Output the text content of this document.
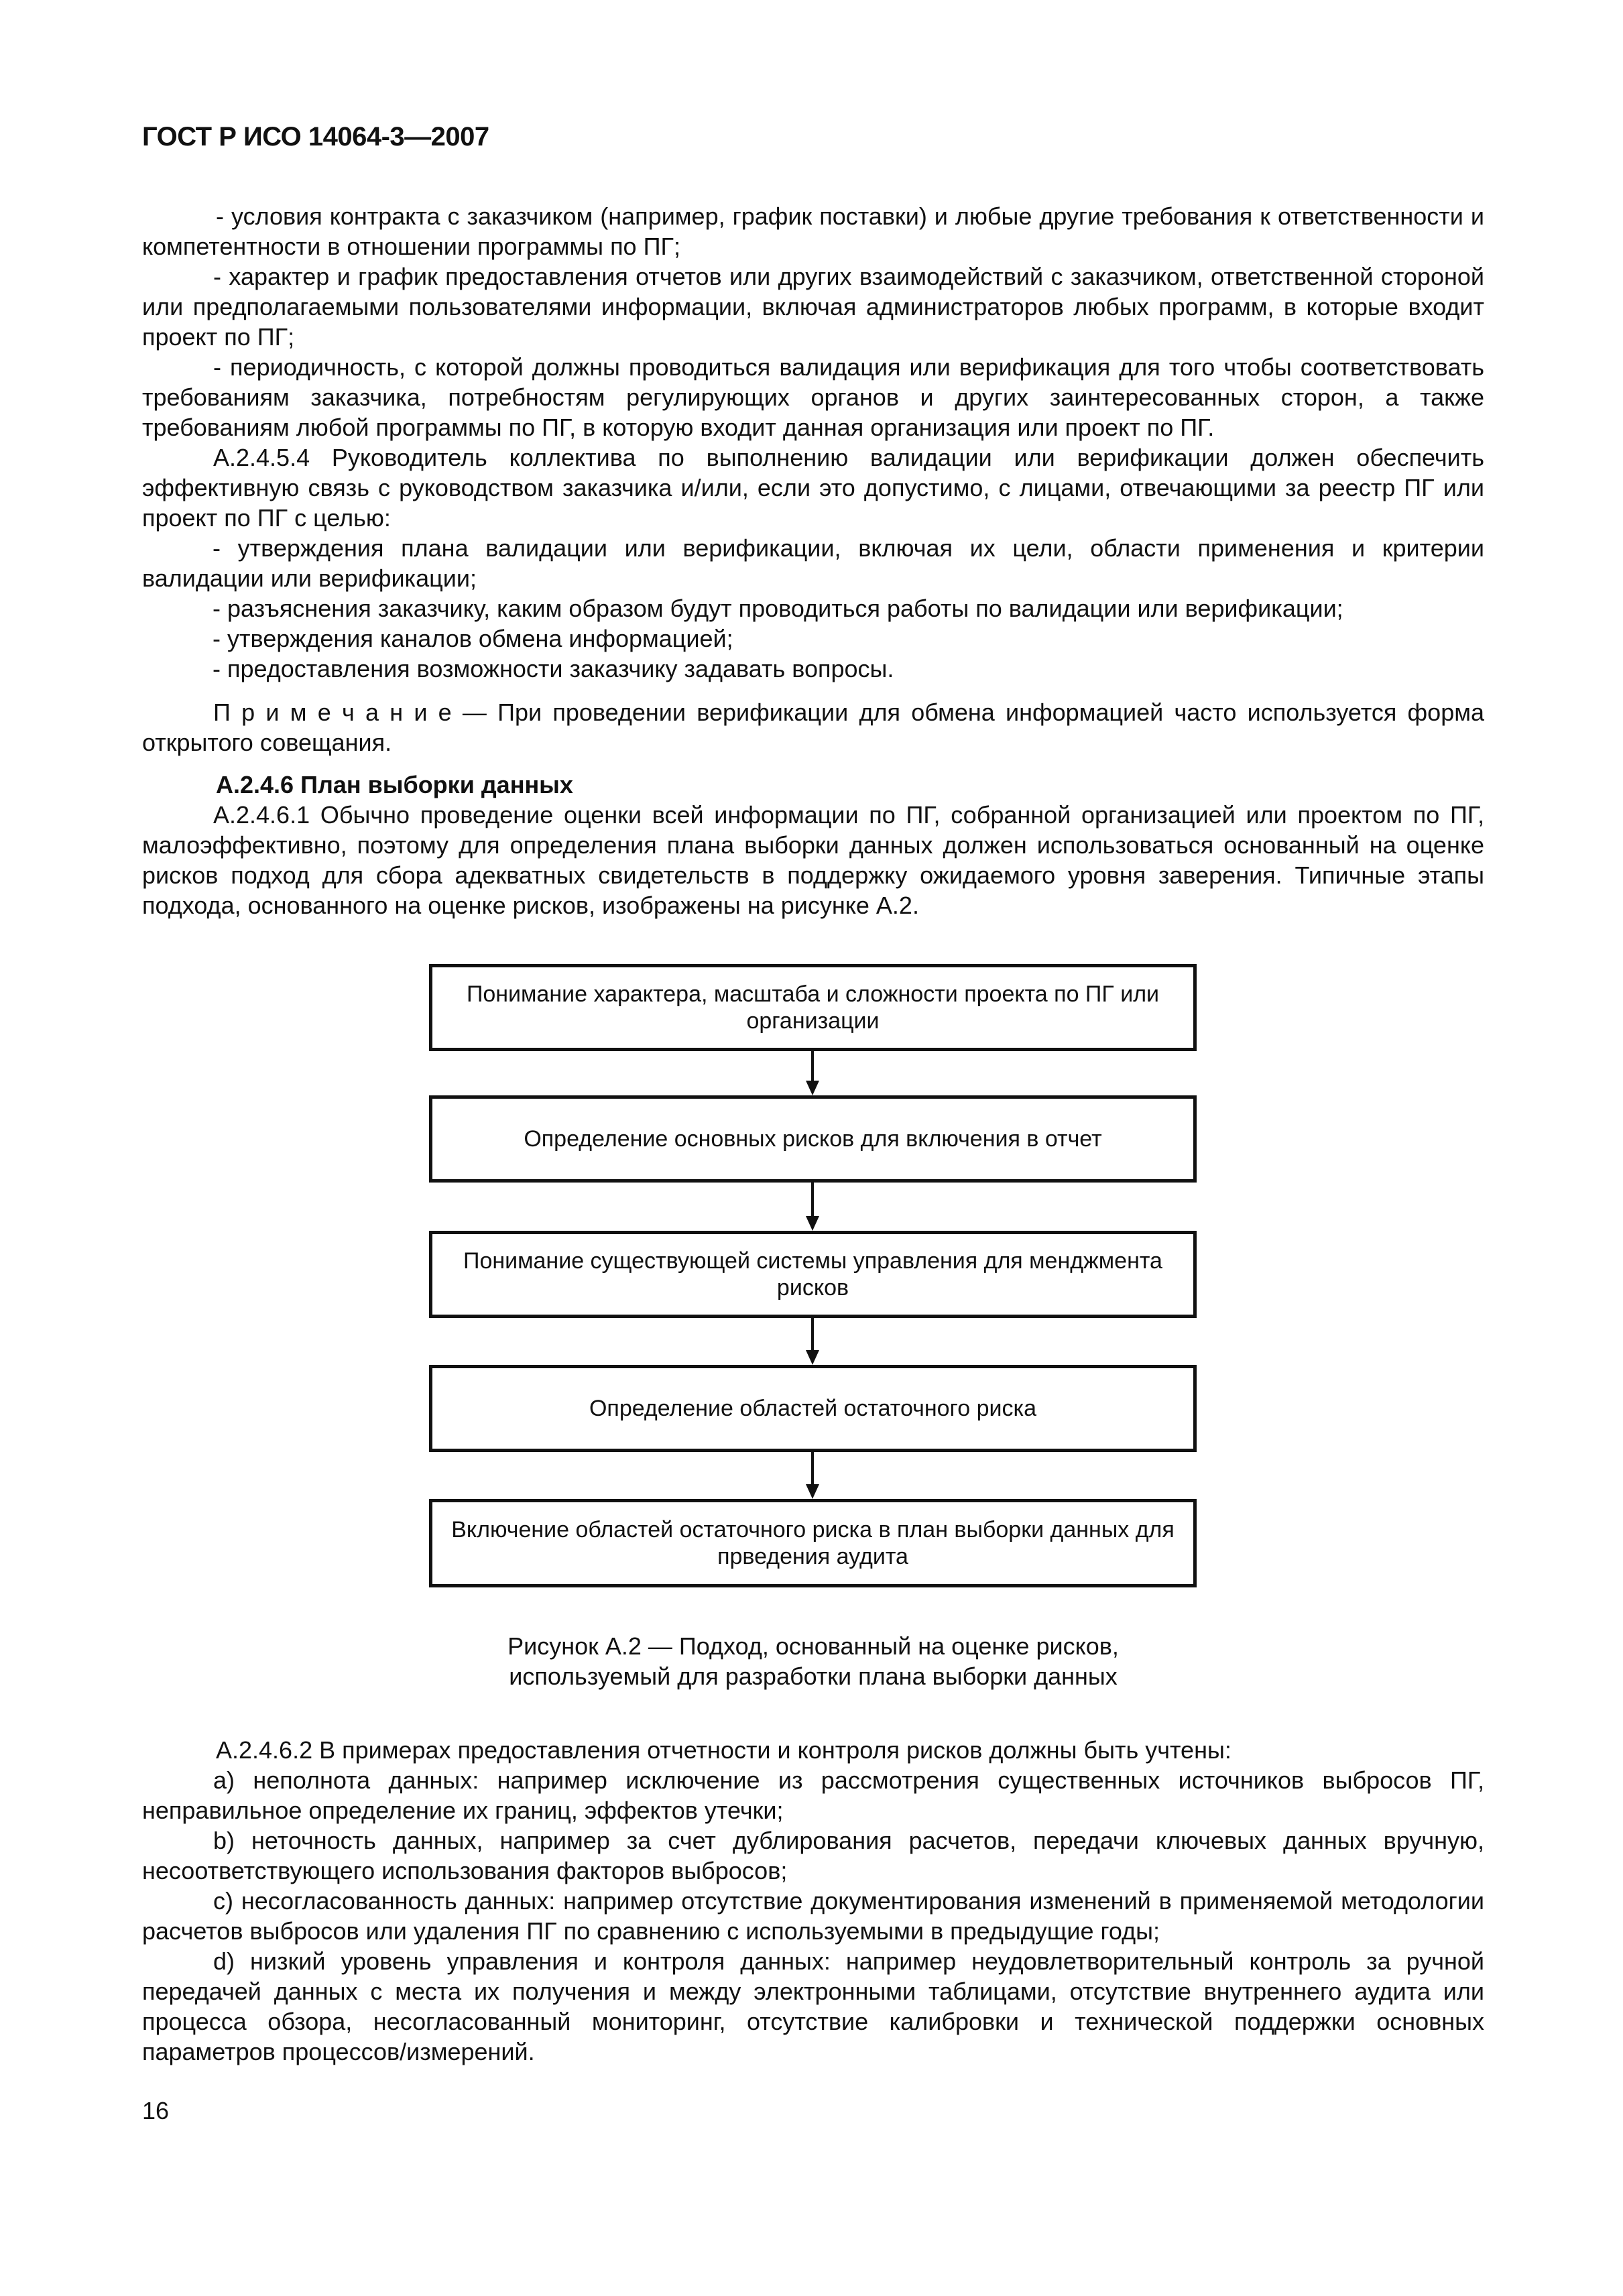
ГОСТ Р ИСО 14064-3—2007

- условия контракта с заказчиком (например, график поставки) и любые другие требования к ответственности и компетентности в отношении программы по ПГ;

- характер и график предоставления отчетов или других взаимодействий с заказчиком, ответственной стороной или предполагаемыми пользователями информации, включая администраторов любых программ, в которые входит проект по ПГ;

- периодичность, с которой должны проводиться валидация или верификация для того чтобы соответствовать требованиям заказчика, потребностям регулирующих органов и других заинтересованных сторон, а также требованиям любой программы по ПГ, в которую входит данная организация или проект по ПГ.

А.2.4.5.4 Руководитель коллектива по выполнению валидации или верификации должен обеспечить эффективную связь с руководством заказчика и/или, если это допустимо, с лицами, отвечающими за реестр ПГ или проект по ПГ с целью:

- утверждения плана валидации или верификации, включая их цели, области применения и критерии валидации или верификации;

- разъяснения заказчику, каким образом будут проводиться работы по валидации или верификации;

- утверждения каналов обмена информацией;

- предоставления возможности заказчику задавать вопросы.

П р и м е ч а н и е — При проведении верификации для обмена информацией часто используется форма открытого совещания.

А.2.4.6 План выборки данных

А.2.4.6.1 Обычно проведение оценки всей информации по ПГ, собранной организацией или проектом по ПГ, малоэффективно, поэтому для определения плана выборки данных должен использоваться основанный на оценке рисков подход для сбора адекватных свидетельств в поддержку ожидаемого уровня заверения. Типичные этапы подхода, основанного на оценке рисков, изображены на рисунке А.2.

Понимание характера, масштаба и сложности проекта по ПГ или организации
Определение основных рисков для включения в отчет
Понимание существующей системы управления для менджмента рисков
Определение областей остаточного риска
Включение областей остаточного риска в план выборки данных для прведения аудита
Рисунок А.2 — Подход, основанный на оценке рисков,
используемый для разработки плана выборки данных

А.2.4.6.2 В примерах предоставления отчетности и контроля рисков должны быть учтены:

а) неполнота данных: например исключение из рассмотрения существенных источников выбросов ПГ, неправильное определение их границ, эффектов утечки;

b) неточность данных, например за счет дублирования расчетов, передачи ключевых данных вручную, несоответствующего использования факторов выбросов;

c) несогласованность данных: например отсутствие документирования изменений в применяемой методологии расчетов выбросов или удаления ПГ по сравнению с используемыми в предыдущие годы;

d) низкий уровень управления и контроля данных: например неудовлетворительный контроль за ручной передачей данных с места их получения и между электронными таблицами, отсутствие внутреннего аудита или процесса обзора, несогласованный мониторинг, отсутствие калибровки и технической поддержки основных параметров процессов/измерений.

16
